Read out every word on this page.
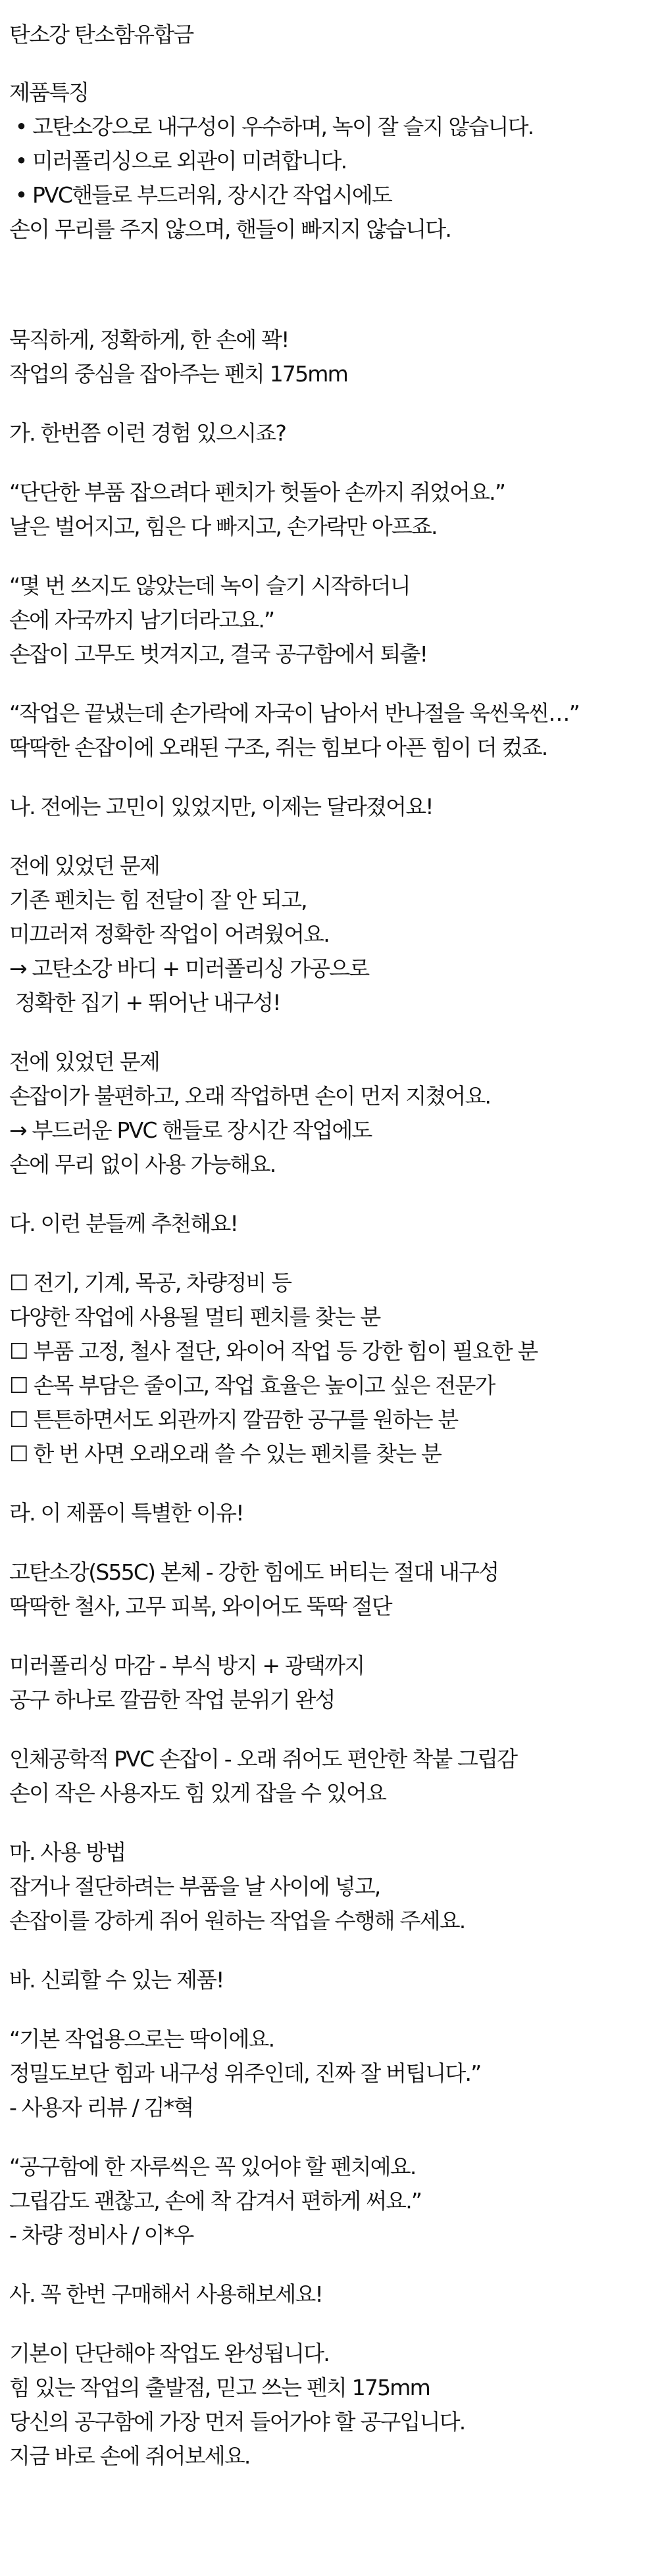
탄소강 탄소함유합금

제품특징

• 고탄소강으로 내구성이 우수하며, 녹이 잘 슬지 않습니다.

• 미러폴리싱으로 외관이 미려합니다.

• PVC핸들로 부드러워, 장시간 작업시에도

손이 무리를 주지 않으며, 핸들이 빠지지 않습니다.

묵직하게, 정확하게, 한 손에 꽉!

작업의 중심을 잡아주는 펜치 175mm

가. 한번쯤 이런 경험 있으시죠?

“단단한 부품 잡으려다 펜치가 헛돌아 손까지 쥐었어요.”

날은 벌어지고, 힘은 다 빠지고, 손가락만 아프죠.

“몇 번 쓰지도 않았는데 녹이 슬기 시작하더니

손에 자국까지 남기더라고요.”

손잡이 고무도 벗겨지고, 결국 공구함에서 퇴출!

“작업은 끝냈는데 손가락에 자국이 남아서 반나절을 욱씬욱씬…”

딱딱한 손잡이에 오래된 구조, 쥐는 힘보다 아픈 힘이 더 컸죠.

나. 전에는 고민이 있었지만, 이제는 달라졌어요!

전에 있었던 문제

기존 펜치는 힘 전달이 잘 안 되고,

미끄러져 정확한 작업이 어려웠어요.

→ 고탄소강 바디 + 미러폴리싱 가공으로

정확한 집기 + 뛰어난 내구성!

전에 있었던 문제

손잡이가 불편하고, 오래 작업하면 손이 먼저 지쳤어요.

→ 부드러운 PVC 핸들로 장시간 작업에도

손에 무리 없이 사용 가능해요.

다. 이런 분들께 추천해요!

☐ 전기, 기계, 목공, 차량정비 등

다양한 작업에 사용될 멀티 펜치를 찾는 분

☐ 부품 고정, 철사 절단, 와이어 작업 등 강한 힘이 필요한 분

☐ 손목 부담은 줄이고, 작업 효율은 높이고 싶은 전문가

☐ 튼튼하면서도 외관까지 깔끔한 공구를 원하는 분

☐ 한 번 사면 오래오래 쓸 수 있는 펜치를 찾는 분

라. 이 제품이 특별한 이유!

고탄소강(S55C) 본체 - 강한 힘에도 버티는 절대 내구성

딱딱한 철사, 고무 피복, 와이어도 뚝딱 절단

미러폴리싱 마감 - 부식 방지 + 광택까지

공구 하나로 깔끔한 작업 분위기 완성

인체공학적 PVC 손잡이 - 오래 쥐어도 편안한 착붙 그립감

손이 작은 사용자도 힘 있게 잡을 수 있어요

마. 사용 방법

잡거나 절단하려는 부품을 날 사이에 넣고,

손잡이를 강하게 쥐어 원하는 작업을 수행해 주세요.

바. 신뢰할 수 있는 제품!

“기본 작업용으로는 딱이에요.

정밀도보단 힘과 내구성 위주인데, 진짜 잘 버팁니다.”

- 사용자 리뷰 / 김*혁

“공구함에 한 자루씩은 꼭 있어야 할 펜치예요.

그립감도 괜찮고, 손에 착 감겨서 편하게 써요.”

- 차량 정비사 / 이*우

사. 꼭 한번 구매해서 사용해보세요!

기본이 단단해야 작업도 완성됩니다.

힘 있는 작업의 출발점, 믿고 쓰는 펜치 175mm

당신의 공구함에 가장 먼저 들어가야 할 공구입니다.

지금 바로 손에 쥐어보세요.
